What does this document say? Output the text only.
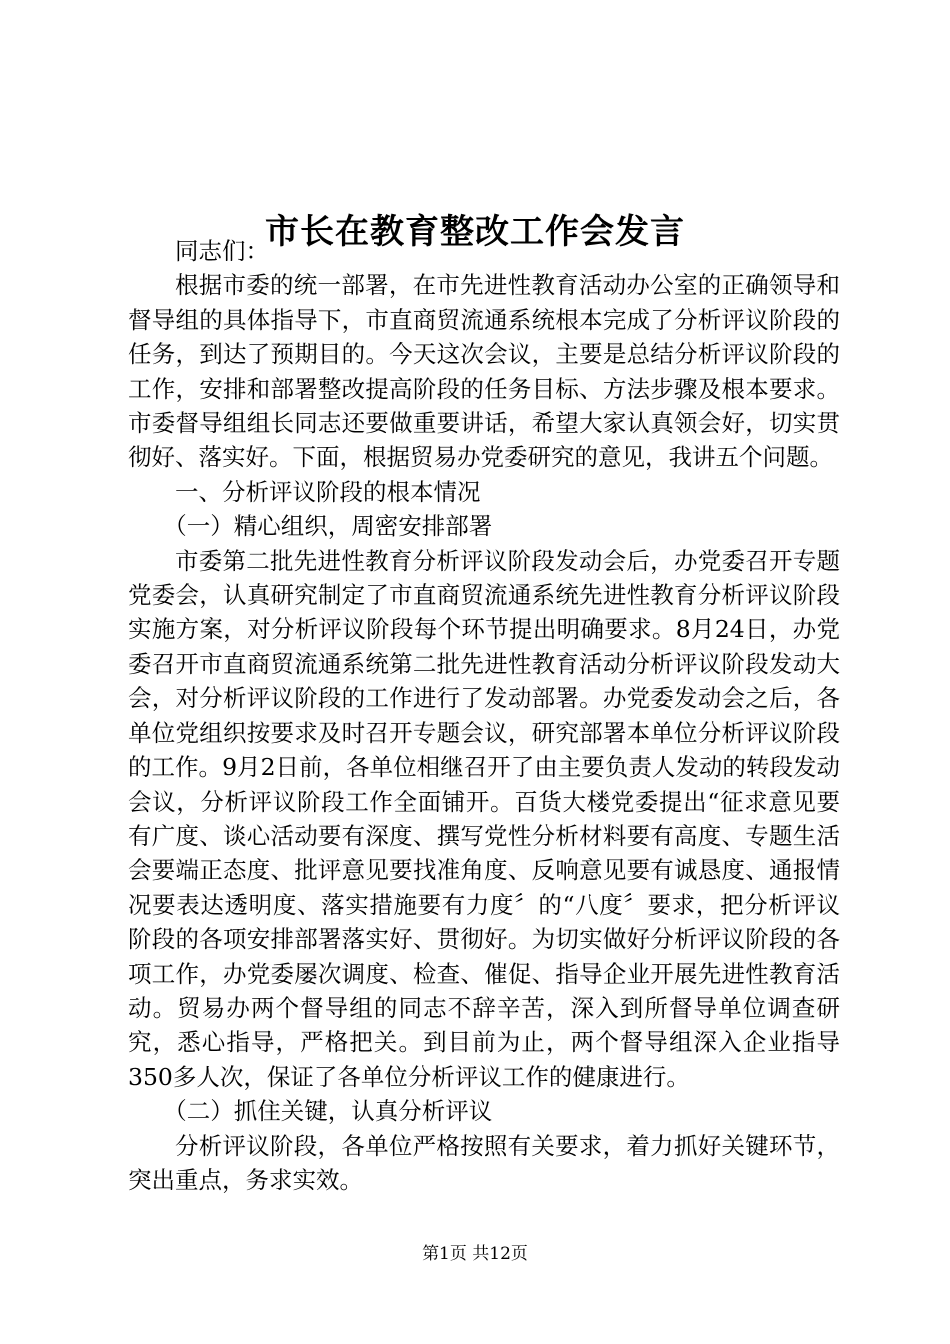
市长在教育整改工作会发言

同志们：

根据市委的统一部署，在市先进性教育活动办公室的正确领导和督导组的具体指导下，市直商贸流通系统根本完成了分析评议阶段的任务，到达了预期目的。今天这次会议，主要是总结分析评议阶段的工作，安排和部署整改提高阶段的任务目标、方法步骤及根本要求。市委督导组组长同志还要做重要讲话，希望大家认真领会好，切实贯彻好、落实好。下面，根据贸易办党委研究的意见，我讲五个问题。

一、分析评议阶段的根本情况

（一）精心组织，周密安排部署

市委第二批先进性教育分析评议阶段发动会后，办党委召开专题党委会，认真研究制定了市直商贸流通系统先进性教育分析评议阶段实施方案，对分析评议阶段每个环节提出明确要求。8月24日，办党委召开市直商贸流通系统第二批先进性教育活动分析评议阶段发动大会，对分析评议阶段的工作进行了发动部署。办党委发动会之后，各单位党组织按要求及时召开专题会议，研究部署本单位分析评议阶段的工作。9月2日前，各单位相继召开了由主要负责人发动的转段发动会议，分析评议阶段工作全面铺开。百货大楼党委提出“征求意见要有广度、谈心活动要有深度、撰写党性分析材料要有高度、专题生活会要端正态度、批评意见要找准角度、反响意见要有诚恳度、通报情况要表达透明度、落实措施要有力度〞的“八度〞要求，把分析评议阶段的各项安排部署落实好、贯彻好。为切实做好分析评议阶段的各项工作，办党委屡次调度、检查、催促、指导企业开展先进性教育活动。贸易办两个督导组的同志不辞辛苦，深入到所督导单位调查研究，悉心指导，严格把关。到目前为止，两个督导组深入企业指导350多人次，保证了各单位分析评议工作的健康进行。

（二）抓住关键，认真分析评议

分析评议阶段，各单位严格按照有关要求，着力抓好关键环节，突出重点，务求实效。

第1页 共12页
